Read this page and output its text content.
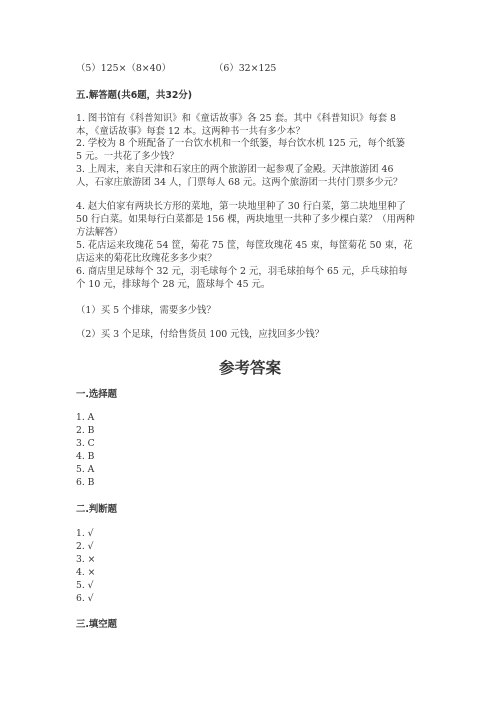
（5）125×（8×40）	（6）32×125
五.解答题(共6题，共32分)
1. 图书馆有《科普知识》和《童话故事》各 25 套。其中《科普知识》每套 8
本，《童话故事》每套 12 本。这两种书一共有多少本？
2. 学校为 8 个班配备了一台饮水机和一个纸篓，每台饮水机 125 元，每个纸篓
5 元。一共花了多少钱？
3. 上周末，来自天津和石家庄的两个旅游团一起参观了金殿。天津旅游团 46
人，石家庄旅游团 34 人，门票每人 68 元。这两个旅游团一共付门票多少元？
4. 赵大伯家有两块长方形的菜地，第一块地里种了 30 行白菜，第二块地里种了
50 行白菜。如果每行白菜都是 156 棵，两块地里一共种了多少棵白菜？（用两种
方法解答）
5. 花店运来玫瑰花 54 筐，菊花 75 筐，每筐玫瑰花 45 束，每筐菊花 50 束，花
店运来的菊花比玫瑰花多多少束？
6. 商店里足球每个 32 元，羽毛球每个 2 元，羽毛球拍每个 65 元，乒乓球拍每
个 10 元，排球每个 28 元，篮球每个 45 元。
（1）买 5 个排球，需要多少钱？
（2）买 3 个足球，付给售货员 100 元钱，应找回多少钱？
参考答案
一.选择题
1. A
2. B
3. C
4. B
5. A
6. B
二.判断题
1. √
2. √
3. ×
4. ×
5. √
6. √
三.填空题
